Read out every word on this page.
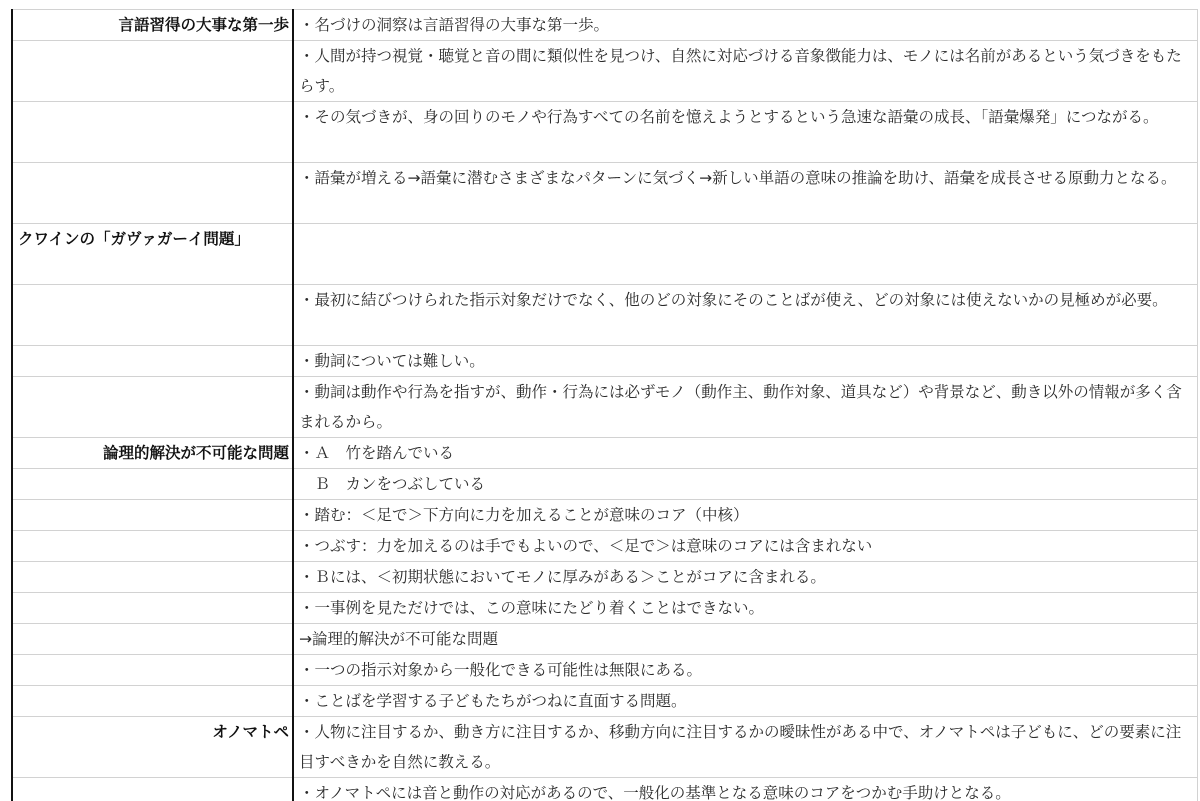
言語習得の大事な第一歩	・名づけの洞察は言語習得の大事な第一歩。
	・人間が持つ視覚・聴覚と音の間に類似性を見つけ、自然に対応づける音象徴能力は、モノには名前があるという気づきをもたらす。
	・その気づきが、身の回りのモノや行為すべての名前を憶えようとするという急速な語彙の成長、「語彙爆発」につながる。
	・語彙が増える→語彙に潜むさまざまなパターンに気づく→新しい単語の意味の推論を助け、語彙を成長させる原動力となる。
クワインの「ガヴァガーイ問題」	
	・最初に結びつけられた指示対象だけでなく、他のどの対象にそのことばが使え、どの対象には使えないかの見極めが必要。
	・動詞については難しい。
	・動詞は動作や行為を指すが、動作・行為には必ずモノ（動作主、動作対象、道具など）や背景など、動き以外の情報が多く含まれるから。
論理的解決が不可能な問題	・Ａ　竹を踏んでいる
	　Ｂ　カンをつぶしている
	・踏む：＜足で＞下方向に力を加えることが意味のコア（中核）
	・つぶす：力を加えるのは手でもよいので、＜足で＞は意味のコアには含まれない
	・Ｂには、＜初期状態においてモノに厚みがある＞ことがコアに含まれる。
	・一事例を見ただけでは、この意味にたどり着くことはできない。
	→論理的解決が不可能な問題
	・一つの指示対象から一般化できる可能性は無限にある。
	・ことばを学習する子どもたちがつねに直面する問題。
オノマトペ	・人物に注目するか、動き方に注目するか、移動方向に注目するかの曖昧性がある中で、オノマトペは子どもに、どの要素に注目すべきかを自然に教える。
	・オノマトペには音と動作の対応があるので、一般化の基準となる意味のコアをつかむ手助けとなる。
